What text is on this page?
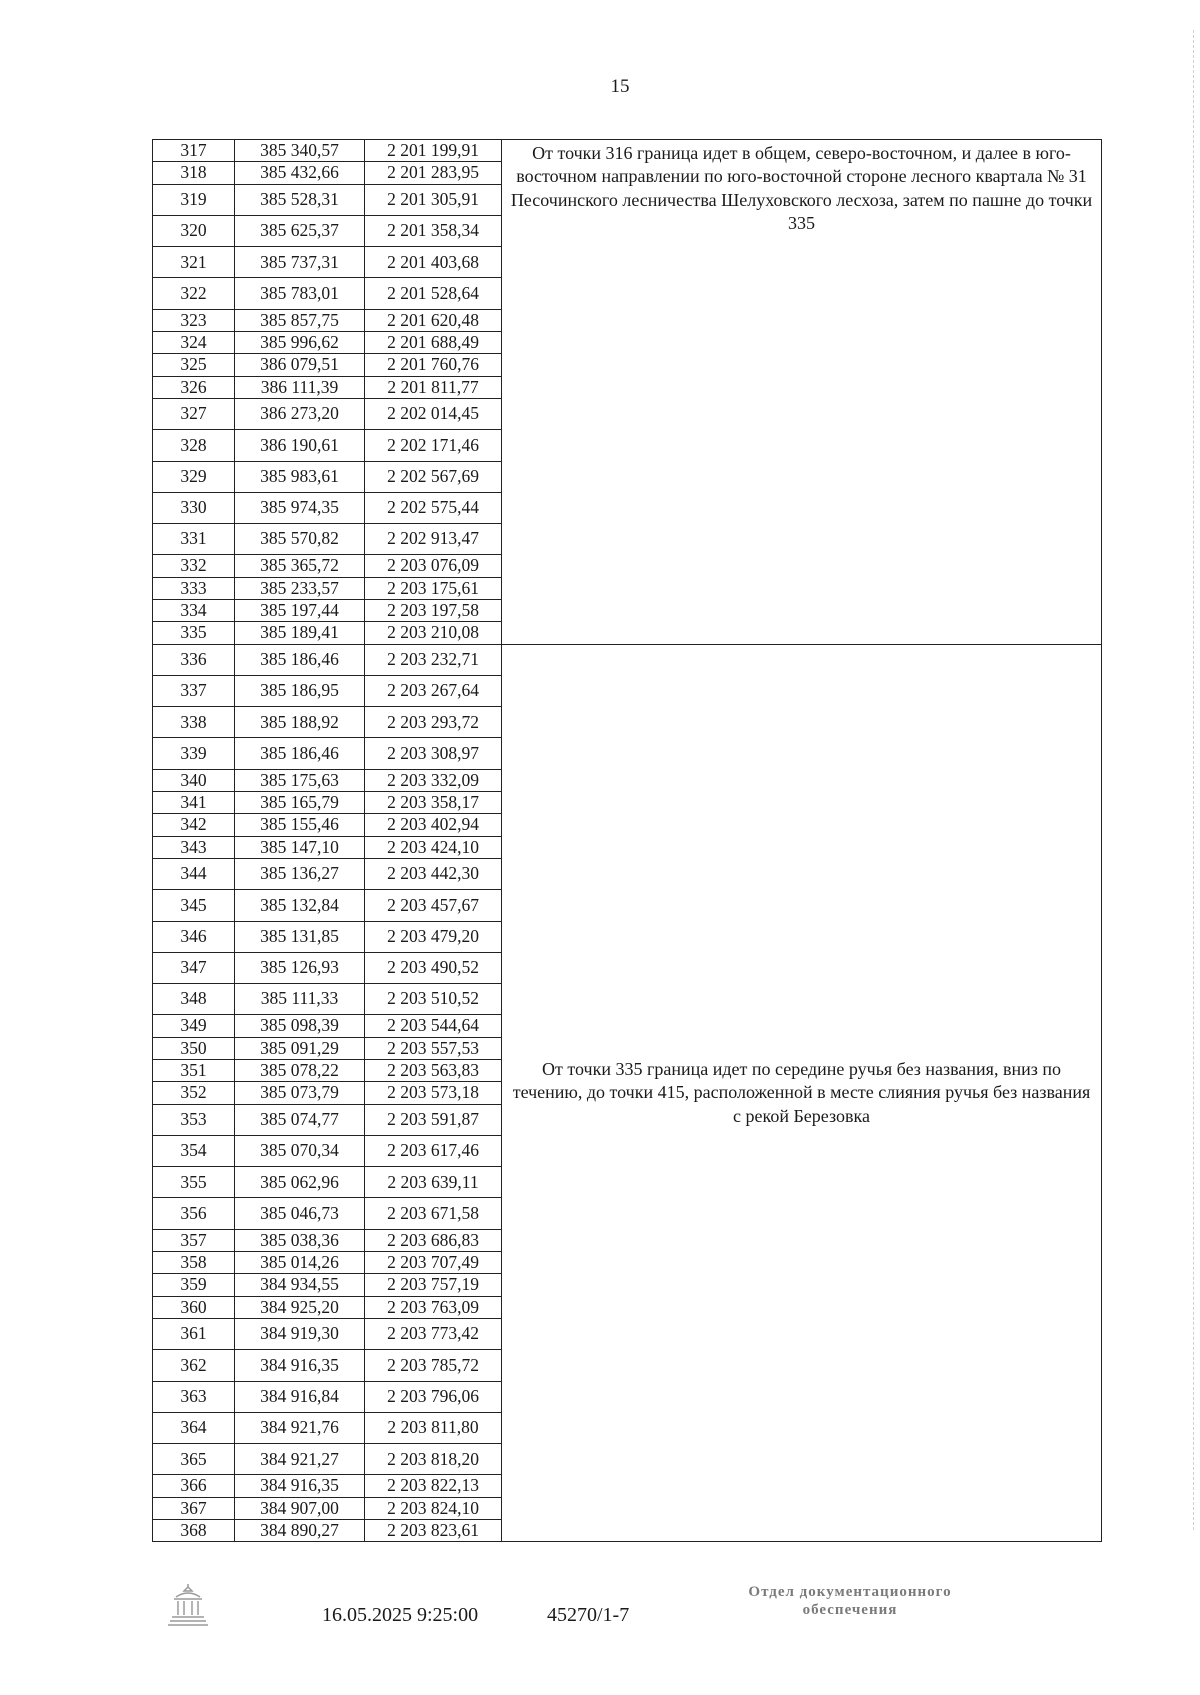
15
317	385 340,57	2 201 199,91	От точки 316 граница идет в общем, северо-восточном, и далее в юго-восточном направлении по юго-восточной стороне лесного квартала № 31 Песочинского лесничества Шелуховского лесхоза, затем по пашне до точки 335
318	385 432,66	2 201 283,95	
319	385 528,31	2 201 305,91	
320	385 625,37	2 201 358,34	
321	385 737,31	2 201 403,68	
322	385 783,01	2 201 528,64	
323	385 857,75	2 201 620,48	
324	385 996,62	2 201 688,49	
325	386 079,51	2 201 760,76	
326	386 111,39	2 201 811,77	
327	386 273,20	2 202 014,45	
328	386 190,61	2 202 171,46	
329	385 983,61	2 202 567,69	
330	385 974,35	2 202 575,44	
331	385 570,82	2 202 913,47	
332	385 365,72	2 203 076,09	
333	385 233,57	2 203 175,61	
334	385 197,44	2 203 197,58	
335	385 189,41	2 203 210,08	
336	385 186,46	2 203 232,71	От точки 335 граница идет по середине ручья без названия, вниз по течению, до точки 415, расположенной в месте слияния ручья без названия с рекой Березовка
337	385 186,95	2 203 267,64	
338	385 188,92	2 203 293,72	
339	385 186,46	2 203 308,97	
340	385 175,63	2 203 332,09	
341	385 165,79	2 203 358,17	
342	385 155,46	2 203 402,94	
343	385 147,10	2 203 424,10	
344	385 136,27	2 203 442,30	
345	385 132,84	2 203 457,67	
346	385 131,85	2 203 479,20	
347	385 126,93	2 203 490,52	
348	385 111,33	2 203 510,52	
349	385 098,39	2 203 544,64	
350	385 091,29	2 203 557,53	
351	385 078,22	2 203 563,83	
352	385 073,79	2 203 573,18	
353	385 074,77	2 203 591,87	
354	385 070,34	2 203 617,46	
355	385 062,96	2 203 639,11	
356	385 046,73	2 203 671,58	
357	385 038,36	2 203 686,83	
358	385 014,26	2 203 707,49	
359	384 934,55	2 203 757,19	
360	384 925,20	2 203 763,09	
361	384 919,30	2 203 773,42	
362	384 916,35	2 203 785,72	
363	384 916,84	2 203 796,06	
364	384 921,76	2 203 811,80	
365	384 921,27	2 203 818,20	
366	384 916,35	2 203 822,13	
367	384 907,00	2 203 824,10	
368	384 890,27	2 203 823,61	
16.05.2025 9:25:00	45270/1-7
Отдел документационного
обеспечения
